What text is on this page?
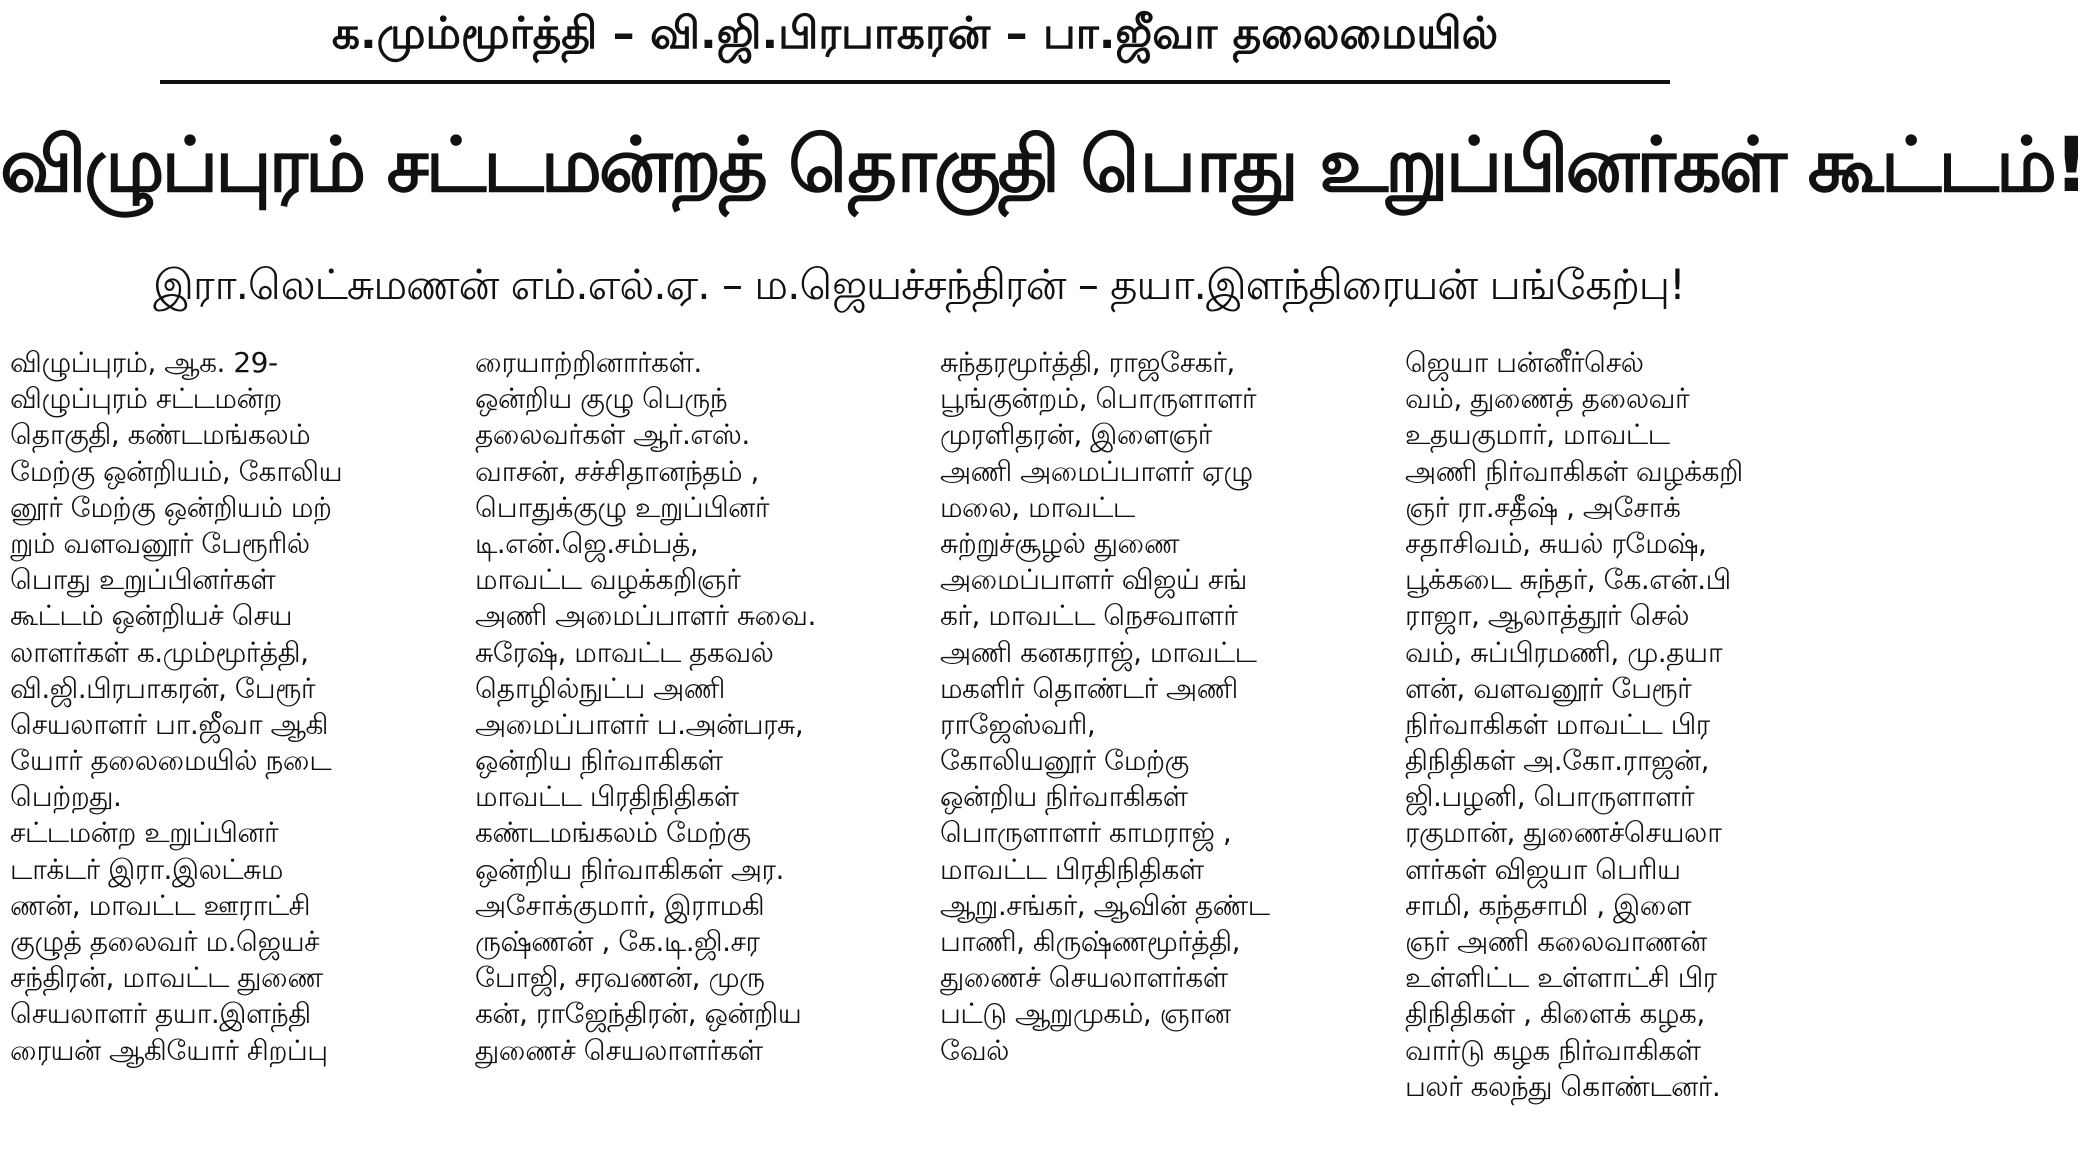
க.மும்மூர்த்தி – வி.ஜி.பிரபாகரன் – பா.ஜீவா தலைமையில்
விழுப்புரம் சட்டமன்றத் தொகுதி பொது உறுப்பினர்கள் கூட்டம்!
இரா.லெட்சுமணன் எம்.எல்.ஏ. – ம.ஜெயச்சந்திரன் – தயா.இளந்திரையன் பங்கேற்பு!
விழுப்புரம், ஆக. 29-
விழுப்புரம் சட்டமன்ற
தொகுதி, கண்டமங்கலம்
மேற்கு ஒன்றியம், கோலிய
னூர் மேற்கு ஒன்றியம் மற்
றும் வளவனூர் பேரூரில்
பொது உறுப்பினர்கள்
கூட்டம் ஒன்றியச் செய
லாளர்கள் க.மும்மூர்த்தி,
வி.ஜி.பிரபாகரன், பேரூர்
செயலாளர் பா.ஜீவா ஆகி
யோர் தலைமையில் நடை
பெற்றது.
சட்டமன்ற உறுப்பினர்
டாக்டர் இரா.இலட்சும
ணன், மாவட்ட ஊராட்சி
குழுத் தலைவர் ம.ஜெயச்
சந்திரன், மாவட்ட துணை
செயலாளர் தயா.இளந்தி
ரையன் ஆகியோர் சிறப்பு
ரையாற்றினார்கள்.
ஒன்றிய குழு பெருந்
தலைவர்கள் ஆர்.எஸ்.
வாசன், சச்சிதானந்தம் ,
பொதுக்குழு உறுப்பினர்
டி.என்.ஜெ.சம்பத்,
மாவட்ட வழக்கறிஞர்
அணி அமைப்பாளர் சுவை.
சுரேஷ், மாவட்ட தகவல்
தொழில்நுட்ப அணி
அமைப்பாளர் ப.அன்பரசு,
ஒன்றிய நிர்வாகிகள்
மாவட்ட பிரதிநிதிகள்
கண்டமங்கலம் மேற்கு
ஒன்றிய நிர்வாகிகள் அர.
அசோக்குமார், இராமகி
ருஷ்ணன் , கே.டி.ஜி.சர
போஜி, சரவணன், முரு
கன், ராஜேந்திரன், ஒன்றிய
துணைச் செயலாளர்கள்
சுந்தரமூர்த்தி, ராஜசேகர்,
பூங்குன்றம், பொருளாளர்
முரளிதரன், இளைஞர்
அணி அமைப்பாளர் ஏழு
மலை, மாவட்ட
சுற்றுச்சூழல் துணை
அமைப்பாளர் விஜய் சங்
கர், மாவட்ட நெசவாளர்
அணி கனகராஜ், மாவட்ட
மகளிர் தொண்டர் அணி
ராஜேஸ்வரி,
கோலியனூர் மேற்கு
ஒன்றிய நிர்வாகிகள்
பொருளாளர் காமராஜ் ,
மாவட்ட பிரதிநிதிகள்
ஆறு.சங்கர், ஆவின் தண்ட
பாணி, கிருஷ்ணமூர்த்தி,
துணைச் செயலாளர்கள்
பட்டு ஆறுமுகம், ஞான
வேல்
ஜெயா பன்னீர்செல்
வம், துணைத் தலைவர்
உதயகுமார், மாவட்ட
அணி நிர்வாகிகள் வழக்கறி
ஞர் ரா.சதீஷ் , அசோக்
சதாசிவம், சுயல் ரமேஷ்,
பூக்கடை சுந்தர், கே.என்.பி
ராஜா, ஆலாத்தூர் செல்
வம், சுப்பிரமணி, மு.தயா
ளன், வளவனூர் பேரூர்
நிர்வாகிகள் மாவட்ட பிர
திநிதிகள் அ.கோ.ராஜன்,
ஜி.பழனி, பொருளாளர்
ரகுமான், துணைச்செயலா
ளர்கள் விஜயா பெரிய
சாமி, கந்தசாமி , இளை
ஞர் அணி கலைவாணன்
உள்ளிட்ட உள்ளாட்சி பிர
திநிதிகள் , கிளைக் கழக,
வார்டு கழக நிர்வாகிகள்
பலர் கலந்து கொண்டனர்.
